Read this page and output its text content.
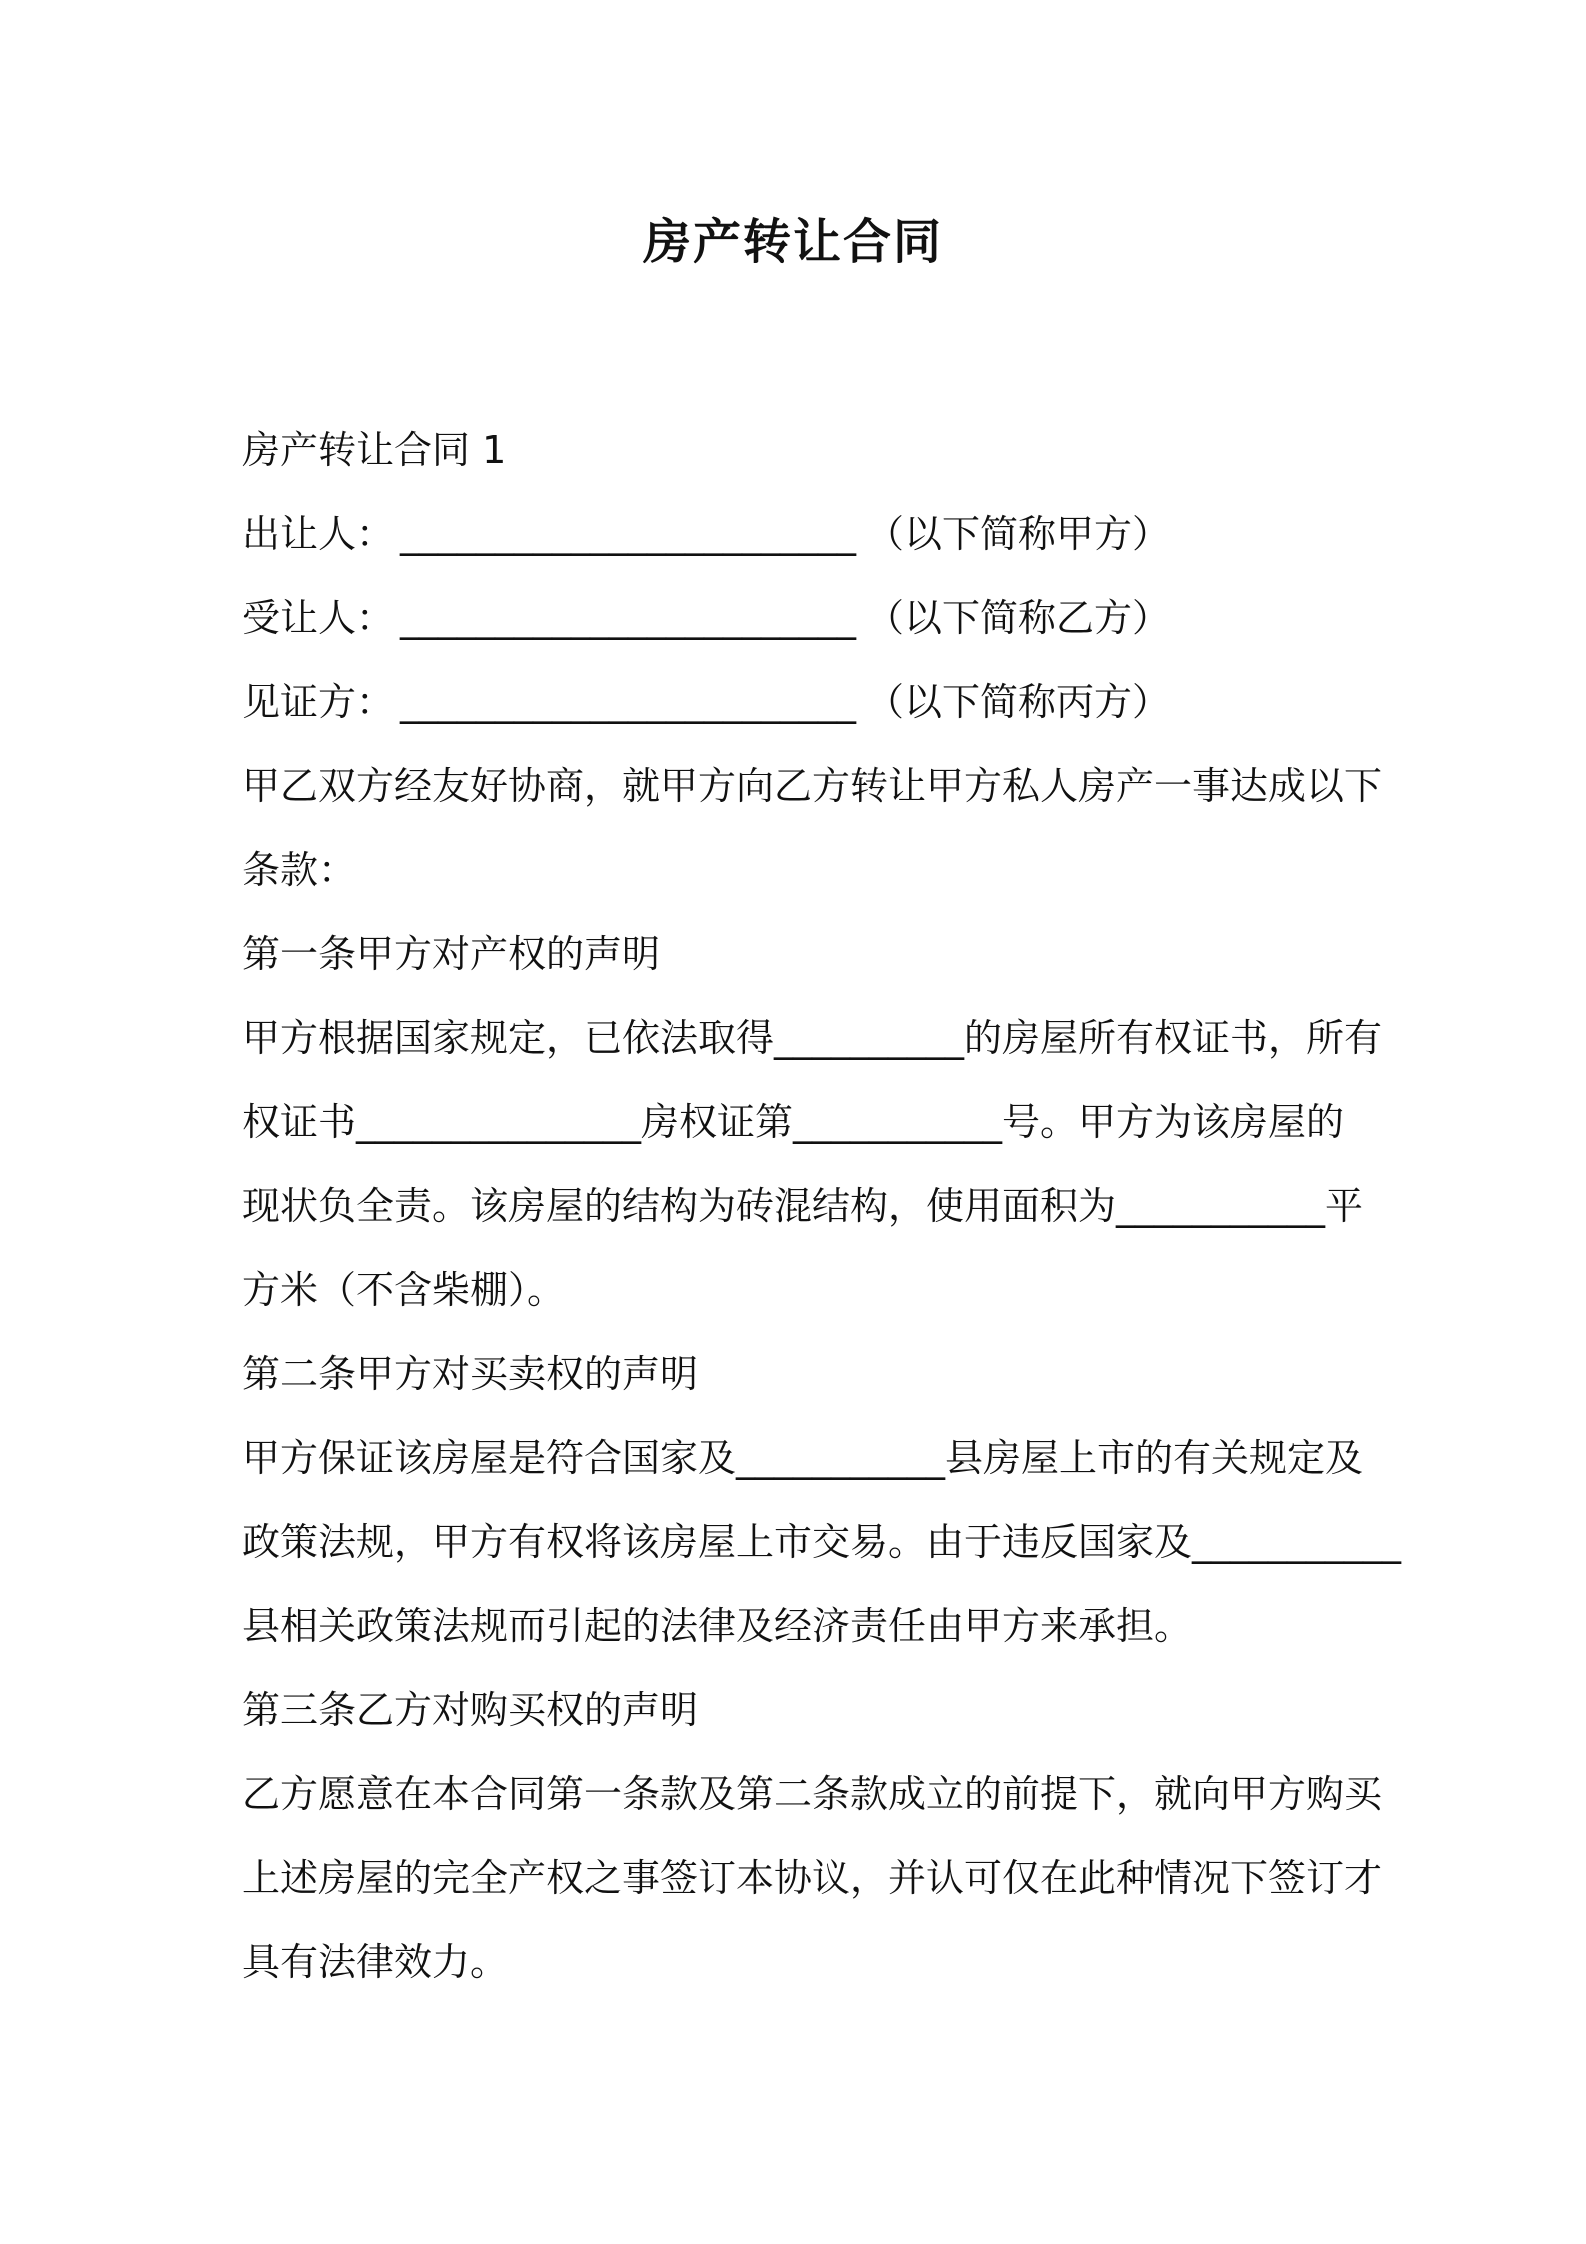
房产转让合同
房产转让合同 1
出让人： ________________________ （以下简称甲方）
受让人： ________________________ （以下简称乙方）
见证方： ________________________ （以下简称丙方）
甲乙双方经友好协商，就甲方向乙方转让甲方私人房产一事达成以下
条款：
第一条甲方对产权的声明
甲方根据国家规定，已依法取得__________的房屋所有权证书，所有
权证书_______________房权证第___________号。甲方为该房屋的
现状负全责。该房屋的结构为砖混结构，使用面积为___________平
方米（不含柴棚）。
第二条甲方对买卖权的声明
甲方保证该房屋是符合国家及___________县房屋上市的有关规定及
政策法规，甲方有权将该房屋上市交易。由于违反国家及___________
县相关政策法规而引起的法律及经济责任由甲方来承担。
第三条乙方对购买权的声明
乙方愿意在本合同第一条款及第二条款成立的前提下，就向甲方购买
上述房屋的完全产权之事签订本协议，并认可仅在此种情况下签订才
具有法律效力。
